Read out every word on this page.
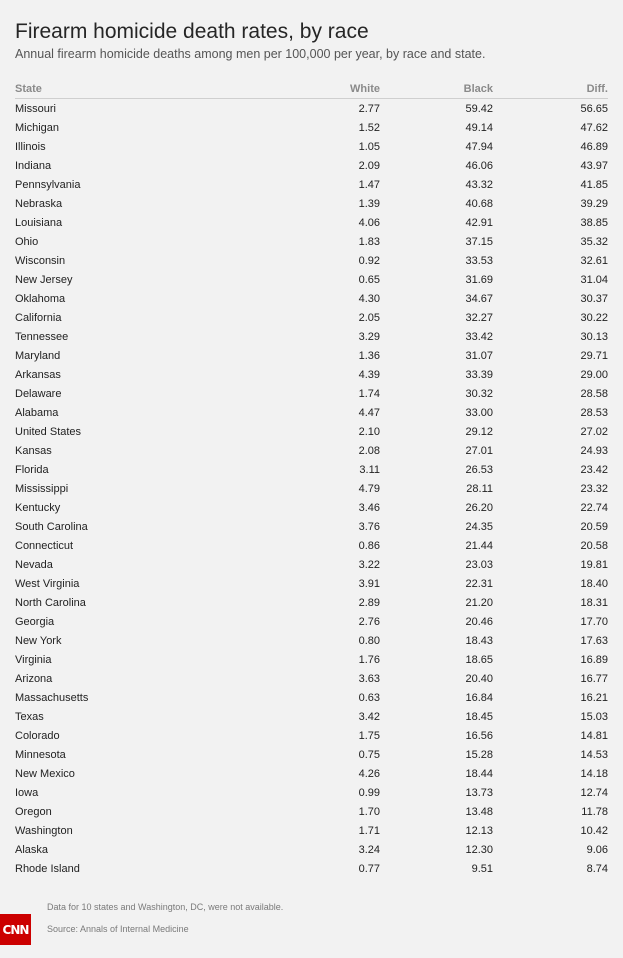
Firearm homicide death rates, by race

Annual firearm homicide deaths among men per 100,000 per year, by race and state.

State	White	Black	Diff.
Missouri	2.77	59.42	56.65
Michigan	1.52	49.14	47.62
Illinois	1.05	47.94	46.89
Indiana	2.09	46.06	43.97
Pennsylvania	1.47	43.32	41.85
Nebraska	1.39	40.68	39.29
Louisiana	4.06	42.91	38.85
Ohio	1.83	37.15	35.32
Wisconsin	0.92	33.53	32.61
New Jersey	0.65	31.69	31.04
Oklahoma	4.30	34.67	30.37
California	2.05	32.27	30.22
Tennessee	3.29	33.42	30.13
Maryland	1.36	31.07	29.71
Arkansas	4.39	33.39	29.00
Delaware	1.74	30.32	28.58
Alabama	4.47	33.00	28.53
United States	2.10	29.12	27.02
Kansas	2.08	27.01	24.93
Florida	3.11	26.53	23.42
Mississippi	4.79	28.11	23.32
Kentucky	3.46	26.20	22.74
South Carolina	3.76	24.35	20.59
Connecticut	0.86	21.44	20.58
Nevada	3.22	23.03	19.81
West Virginia	3.91	22.31	18.40
North Carolina	2.89	21.20	18.31
Georgia	2.76	20.46	17.70
New York	0.80	18.43	17.63
Virginia	1.76	18.65	16.89
Arizona	3.63	20.40	16.77
Massachusetts	0.63	16.84	16.21
Texas	3.42	18.45	15.03
Colorado	1.75	16.56	14.81
Minnesota	0.75	15.28	14.53
New Mexico	4.26	18.44	14.18
Iowa	0.99	13.73	12.74
Oregon	1.70	13.48	11.78
Washington	1.71	12.13	10.42
Alaska	3.24	12.30	9.06
Rhode Island	0.77	9.51	8.74
CNN
Data for 10 states and Washington, DC, were not available.
Source: Annals of Internal Medicine
